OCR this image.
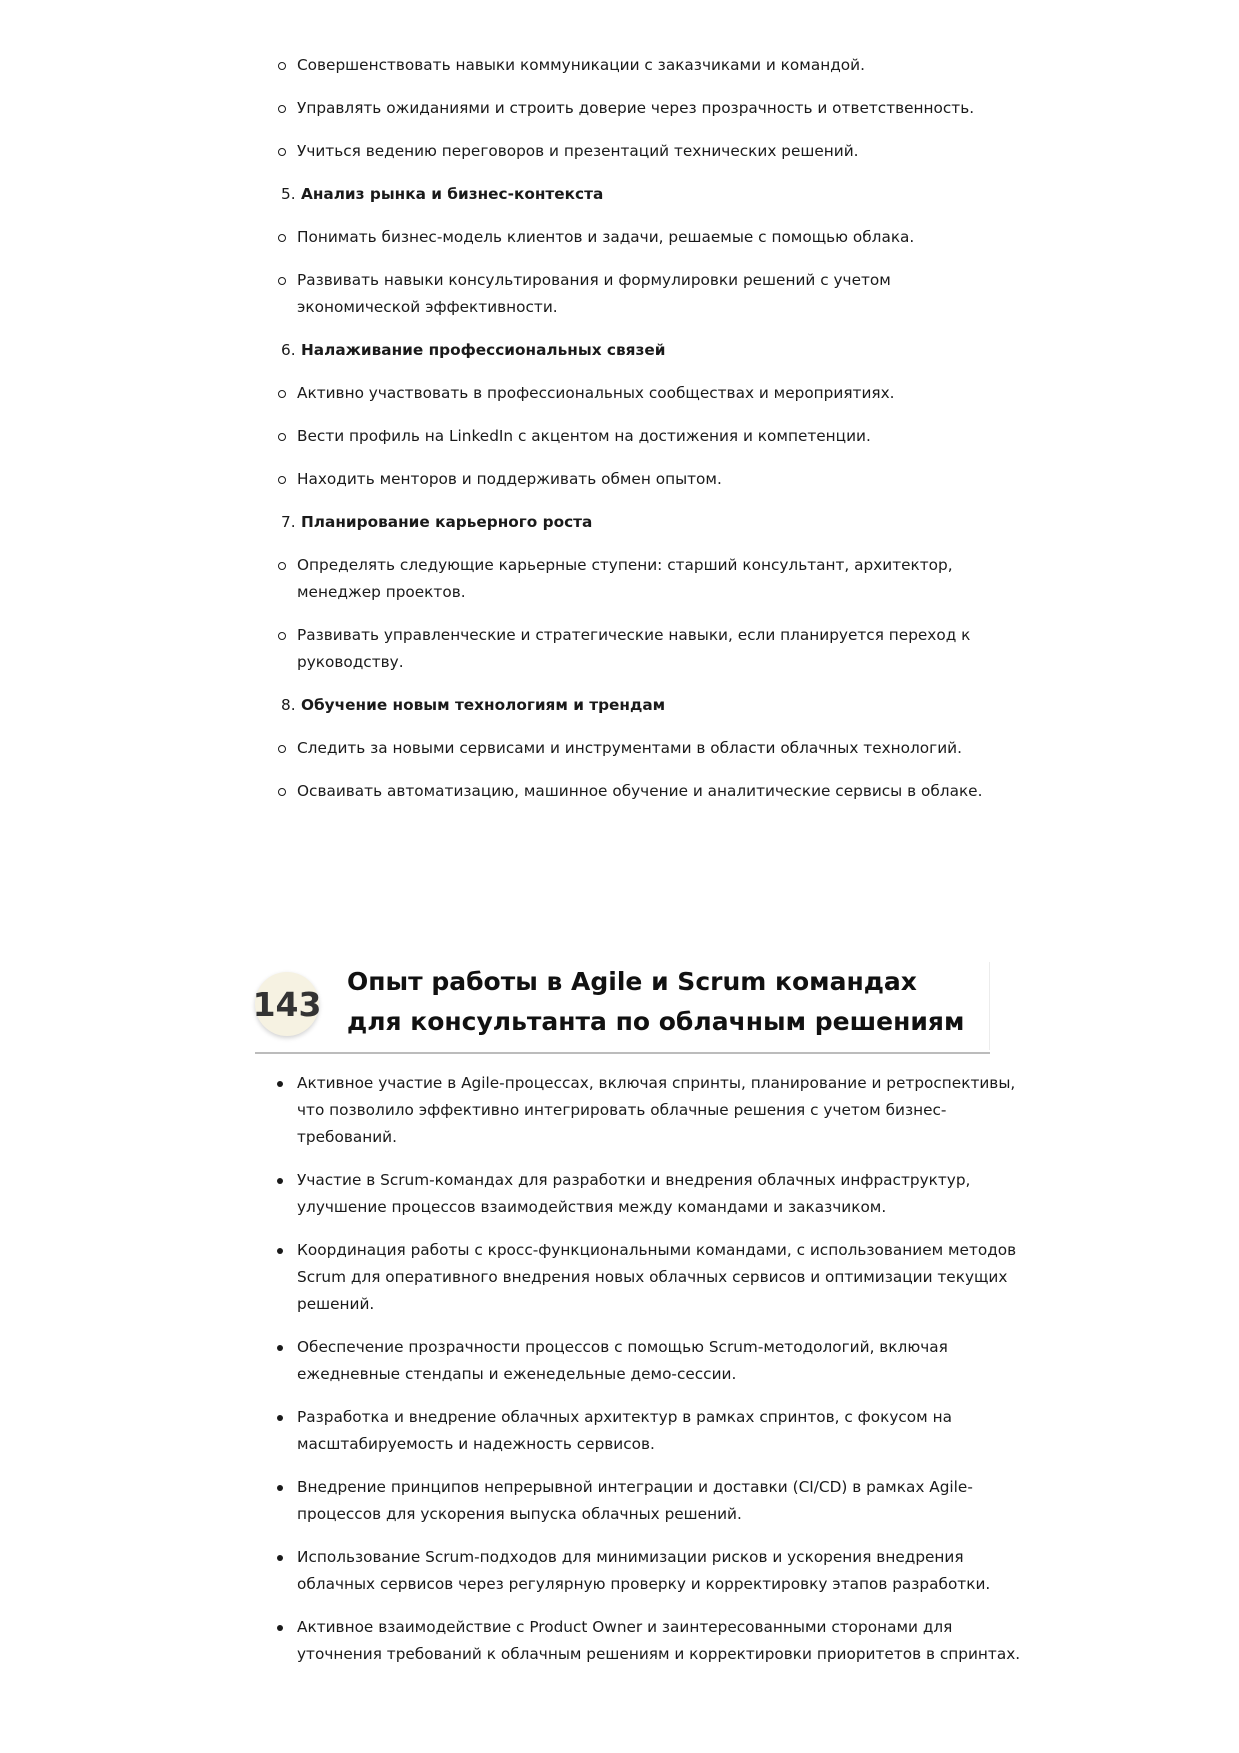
Совершенствовать навыки коммуникации с заказчиками и командой.
Управлять ожиданиями и строить доверие через прозрачность и ответственность.
Учиться ведению переговоров и презентаций технических решений.
5. Анализ рынка и бизнес-контекста
Понимать бизнес-модель клиентов и задачи, решаемые с помощью облака.
Развивать навыки консультирования и формулировки решений с учетом экономической эффективности.
6. Налаживание профессиональных связей
Активно участвовать в профессиональных сообществах и мероприятиях.
Вести профиль на LinkedIn с акцентом на достижения и компетенции.
Находить менторов и поддерживать обмен опытом.
7. Планирование карьерного роста
Определять следующие карьерные ступени: старший консультант, архитектор, менеджер проектов.
Развивать управленческие и стратегические навыки, если планируется переход к руководству.
8. Обучение новым технологиям и трендам
Следить за новыми сервисами и инструментами в области облачных технологий.
Осваивать автоматизацию, машинное обучение и аналитические сервисы в облаке.
143
Опыт работы в Agile и Scrum командах для консультанта по облачным решениям
Активное участие в Agile-процессах, включая спринты, планирование и ретроспективы, что позволило эффективно интегрировать облачные решения с учетом бизнес-требований.
Участие в Scrum-командах для разработки и внедрения облачных инфраструктур, улучшение процессов взаимодействия между командами и заказчиком.
Координация работы с кросс-функциональными командами, с использованием методов Scrum для оперативного внедрения новых облачных сервисов и оптимизации текущих решений.
Обеспечение прозрачности процессов с помощью Scrum-методологий, включая ежедневные стендапы и еженедельные демо-сессии.
Разработка и внедрение облачных архитектур в рамках спринтов, с фокусом на масштабируемость и надежность сервисов.
Внедрение принципов непрерывной интеграции и доставки (CI/CD) в рамках Agile-процессов для ускорения выпуска облачных решений.
Использование Scrum-подходов для минимизации рисков и ускорения внедрения облачных сервисов через регулярную проверку и корректировку этапов разработки.
Активное взаимодействие с Product Owner и заинтересованными сторонами для уточнения требований к облачным решениям и корректировки приоритетов в спринтах.
